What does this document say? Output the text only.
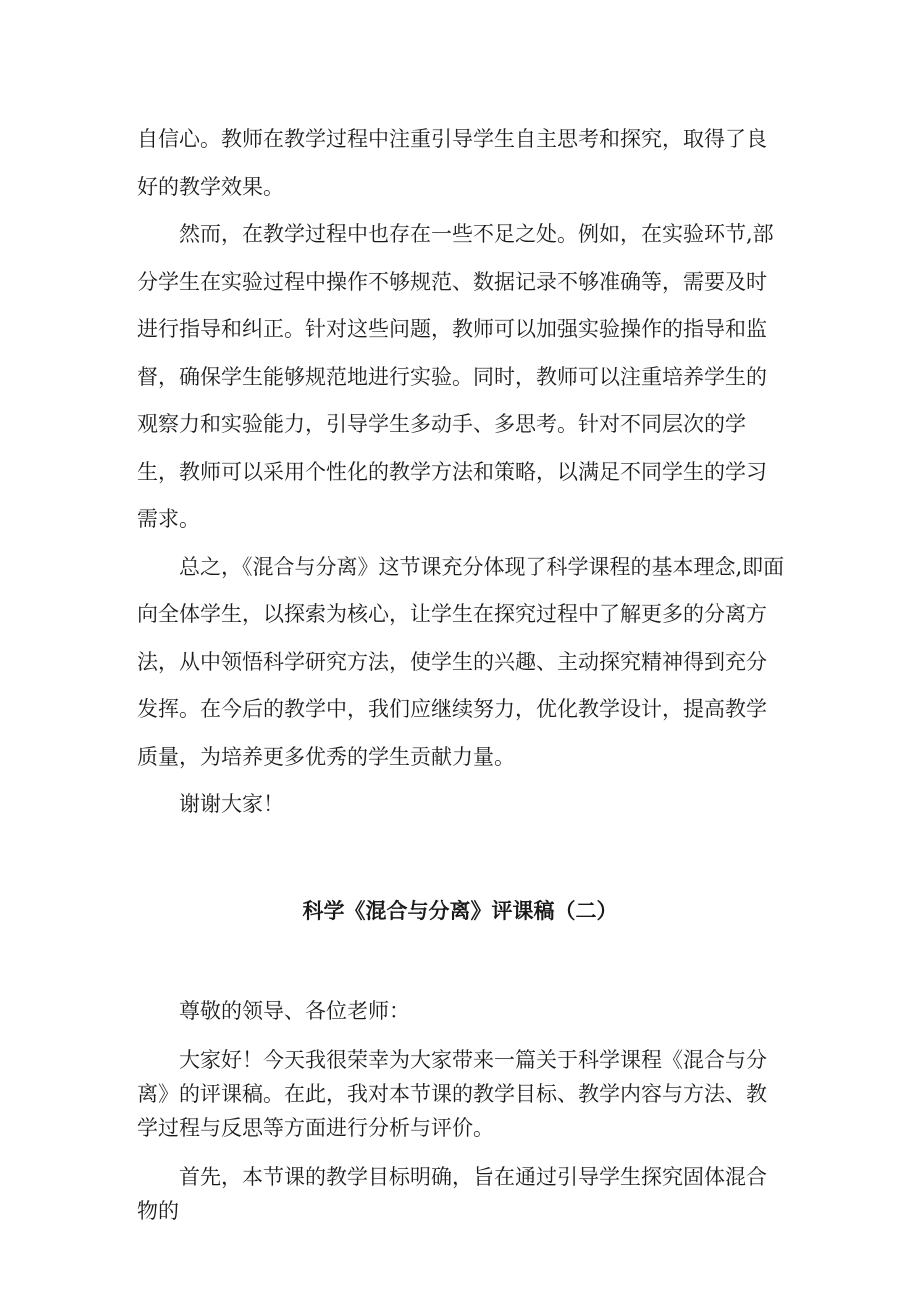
自信心。教师在教学过程中注重引导学生自主思考和探究，取得了良好的教学效果。

然而，在教学过程中也存在一些不足之处。例如，在实验环节,部分学生在实验过程中操作不够规范、数据记录不够准确等，需要及时进行指导和纠正。针对这些问题，教师可以加强实验操作的指导和监督，确保学生能够规范地进行实验。同时，教师可以注重培养学生的观察力和实验能力，引导学生多动手、多思考。针对不同层次的学生，教师可以采用个性化的教学方法和策略，以满足不同学生的学习需求。

总之，《混合与分离》这节课充分体现了科学课程的基本理念,即面向全体学生，以探索为核心，让学生在探究过程中了解更多的分离方法，从中领悟科学研究方法，使学生的兴趣、主动探究精神得到充分发挥。在今后的教学中，我们应继续努力，优化教学设计，提高教学质量，为培养更多优秀的学生贡献力量。

谢谢大家！

科学《混合与分离》评课稿（二）

尊敬的领导、各位老师：

大家好！今天我很荣幸为大家带来一篇关于科学课程《混合与分离》的评课稿。在此，我对本节课的教学目标、教学内容与方法、教学过程与反思等方面进行分析与评价。

首先，本节课的教学目标明确，旨在通过引导学生探究固体混合物的
